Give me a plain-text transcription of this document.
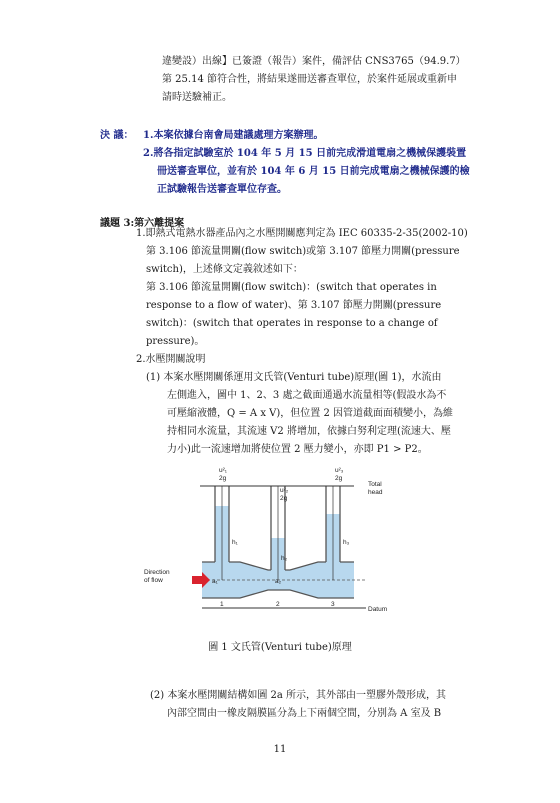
違變設）出線】已簽證（報告）案件，備評估 CNS3765（94.9.7）
第 25.14 節符合性，將結果遂冊送審查單位，於案件延展或重新申
請時送驗補正。
決 議： 1.本案依據台南會局建議處理方案辦理。
2.將各指定試驗室於 104 年 5 月 15 日前完成滑道電扇之機械保護裝置
冊送審查單位，並有於 104 年 6 月 15 日前完成電扇之機械保護的檢
正試驗報告送審查單位存查。
議題 3:第六離提案
1.即熱式電熱水器產品內之水壓開關應判定為 IEC 60335-2-35(2002-10)
第 3.106 節流量開關(flow switch)或第 3.107 節壓力開關(pressure
switch)，上述條文定義敘述如下：
第 3.106 節流量開關(flow switch)：(switch that operates in
response to a flow of water)、第 3.107 節壓力開關(pressure
switch)：(switch that operates in response to a change of
pressure)。
2.水壓開關說明
(1) 本案水壓開關係運用文氏管(Venturi tube)原理(圖 1)，水流由
左側進入，圖中 1、2、3 處之截面通過水流量相等(假設水為不
可壓縮液體，Q = A x V)，但位置 2 因管道截面面積變小，為維
持相同水流量，其流速 V2 將增加，依據白努利定理(流速大、壓
力小)此一流速增加將使位置 2 壓力變小，亦即 P1 > P2。
u²₁
2g
u²₂
2g
u²₃
2g
Total
head
h₁
h₂
h₃
a₁	a₂
Direction
of flow
1	2	3
Datum
圖 1 文氏管(Venturi tube)原理
(2) 本案水壓開關結構如圖 2a 所示，其外部由一塑膠外殼形成，其
內部空間由一橡皮隔膜區分為上下兩個空間，分別為 A 室及 B
11
